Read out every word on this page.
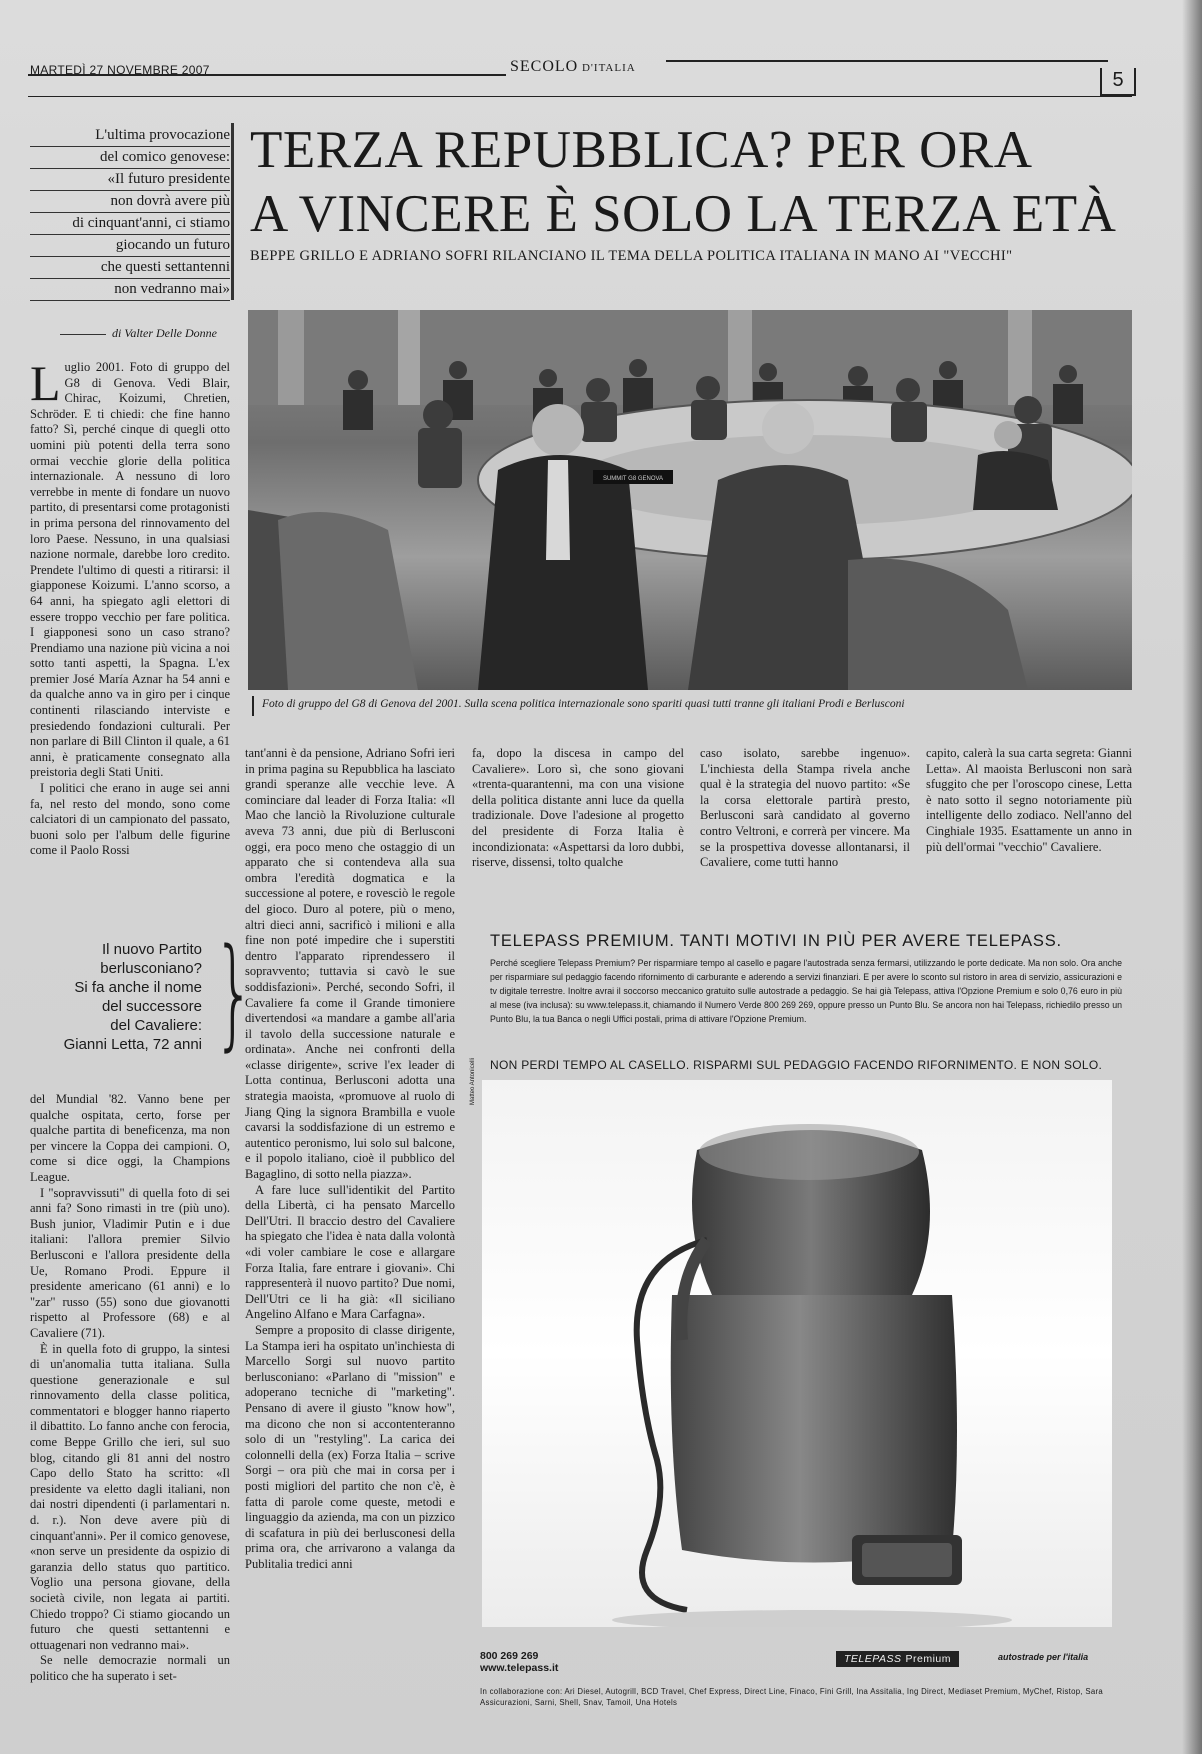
MARTEDÌ 27 NOVEMBRE 2007	SECOLO D'ITALIA
5
L'ultima provocazione
del comico genovese:
«Il futuro presidente
non dovrà avere più
di cinquant'anni, ci stiamo
giocando un futuro
che questi settantenni
non vedranno mai»
TERZA REPUBBLICA? PER ORA
A VINCERE È SOLO LA TERZA ETÀ
BEPPE GRILLO E ADRIANO SOFRI RILANCIANO IL TEMA DELLA POLITICA ITALIANA IN MANO AI "VECCHI"
di Valter Delle Donne
SUMMIT G8 GENOVA
Foto di gruppo del G8 di Genova del 2001. Sulla scena politica internazionale sono spariti quasi tutti tranne gli italiani Prodi e Berlusconi

Luglio 2001. Foto di gruppo del G8 di Genova. Vedi Blair, Chirac, Koizumi, Chretien, Schröder. E ti chiedi: che fine hanno fatto? Sì, perché cinque di quegli otto uomini più potenti della terra sono ormai vecchie glorie della politica internazionale. A nessuno di loro verrebbe in mente di fondare un nuovo partito, di presentarsi come protagonisti in prima persona del rinnovamento del loro Paese. Nessuno, in una qualsiasi nazione normale, darebbe loro credito. Prendete l'ultimo di questi a ritirarsi: il giapponese Koizumi. L'anno scorso, a 64 anni, ha spiegato agli elettori di essere troppo vecchio per fare politica. I giapponesi sono un caso strano? Prendiamo una nazione più vicina a noi sotto tanti aspetti, la Spagna. L'ex premier José María Aznar ha 54 anni e da qualche anno va in giro per i cinque continenti rilasciando interviste e presiedendo fondazioni culturali. Per non parlare di Bill Clinton il quale, a 61 anni, è praticamente consegnato alla preistoria degli Stati Uniti.

I politici che erano in auge sei anni fa, nel resto del mondo, sono come calciatori di un campionato del passato, buoni solo per l'album delle figurine come il Paolo Rossi

Il nuovo Partito
berlusconiano?
Si fa anche il nome
del successore
del Cavaliere:
Gianni Letta, 72 anni }

del Mundial '82. Vanno bene per qualche ospitata, certo, forse per qualche partita di beneficenza, ma non per vincere la Coppa dei campioni. O, come si dice oggi, la Champions League.

I "sopravvissuti" di quella foto di sei anni fa? Sono rimasti in tre (più uno). Bush junior, Vladimir Putin e i due italiani: l'allora premier Silvio Berlusconi e l'allora presidente della Ue, Romano Prodi. Eppure il presidente americano (61 anni) e lo "zar" russo (55) sono due giovanotti rispetto al Professore (68) e al Cavaliere (71).

È in quella foto di gruppo, la sintesi di un'anomalia tutta italiana. Sulla questione generazionale e sul rinnovamento della classe politica, commentatori e blogger hanno riaperto il dibattito. Lo fanno anche con ferocia, come Beppe Grillo che ieri, sul suo blog, citando gli 81 anni del nostro Capo dello Stato ha scritto: «Il presidente va eletto dagli italiani, non dai nostri dipendenti (i parlamentari n. d. r.). Non deve avere più di cinquant'anni». Per il comico genovese, «non serve un presidente da ospizio di garanzia dello status quo partitico. Voglio una persona giovane, della società civile, non legata ai partiti. Chiedo troppo? Ci stiamo giocando un futuro che questi settantenni e ottuagenari non vedranno mai».

Se nelle democrazie normali un politico che ha superato i set-

tant'anni è da pensione, Adriano Sofri ieri in prima pagina su Repubblica ha lasciato grandi speranze alle vecchie leve. A cominciare dal leader di Forza Italia: «Il Mao che lanciò la Rivoluzione culturale aveva 73 anni, due più di Berlusconi oggi, era poco meno che ostaggio di un apparato che si contendeva alla sua ombra l'eredità dogmatica e la successione al potere, e rovesciò le regole del gioco. Duro al potere, più o meno, altri dieci anni, sacrificò i milioni e alla fine non poté impedire che i superstiti dentro l'apparato riprendessero il sopravvento; tuttavia si cavò le sue soddisfazioni». Perché, secondo Sofri, il Cavaliere fa come il Grande timoniere divertendosi «a mandare a gambe all'aria il tavolo della successione naturale e ordinata». Anche nei confronti della «classe dirigente», scrive l'ex leader di Lotta continua, Berlusconi adotta una strategia maoista, «promuove al ruolo di Jiang Qing la signora Brambilla e vuole cavarsi la soddisfazione di un estremo e autentico peronismo, lui solo sul balcone, e il popolo italiano, cioè il pubblico del Bagaglino, di sotto nella piazza».

A fare luce sull'identikit del Partito della Libertà, ci ha pensato Marcello Dell'Utri. Il braccio destro del Cavaliere ha spiegato che l'idea è nata dalla volontà «di voler cambiare le cose e allargare Forza Italia, fare entrare i giovani». Chi rappresenterà il nuovo partito? Due nomi, Dell'Utri ce li ha già: «Il siciliano Angelino Alfano e Mara Carfagna».

Sempre a proposito di classe dirigente, La Stampa ieri ha ospitato un'inchiesta di Marcello Sorgi sul nuovo partito berlusconiano: «Parlano di "mission" e adoperano tecniche di "marketing". Pensano di avere il giusto "know how", ma dicono che non si accontenteranno solo di un "restyling". La carica dei colonnelli della (ex) Forza Italia – scrive Sorgi – ora più che mai in corsa per i posti migliori del partito che non c'è, è fatta di parole come queste, metodi e linguaggio da azienda, ma con un pizzico di scafatura in più dei berlusconesi della prima ora, che arrivarono a valanga da Publitalia tredici anni

fa, dopo la discesa in campo del Cavaliere». Loro sì, che sono giovani «trenta-quarantenni, ma con una visione della politica distante anni luce da quella tradizionale. Dove l'adesione al progetto del presidente di Forza Italia è incondizionata: «Aspettarsi da loro dubbi, riserve, dissensi, tolto qualche

caso isolato, sarebbe ingenuo». L'inchiesta della Stampa rivela anche qual è la strategia del nuovo partito: «Se la corsa elettorale partirà presto, Berlusconi sarà candidato al governo contro Veltroni, e correrà per vincere. Ma se la prospettiva dovesse allontanarsi, il Cavaliere, come tutti hanno

capito, calerà la sua carta segreta: Gianni Letta». Al maoista Berlusconi non sarà sfuggito che per l'oroscopo cinese, Letta è nato sotto il segno notoriamente più intelligente dello zodiaco. Nell'anno del Cinghiale 1935. Esattamente un anno in più dell'ormai "vecchio" Cavaliere.

TELEPASS PREMIUM. TANTI MOTIVI IN PIÙ PER AVERE TELEPASS.
Perché scegliere Telepass Premium? Per risparmiare tempo al casello e pagare l'autostrada senza fermarsi, utilizzando le porte dedicate. Ma non solo. Ora anche per risparmiare sul pedaggio facendo rifornimento di carburante e aderendo a servizi finanziari. E per avere lo sconto sul ristoro in area di servizio, assicurazioni e tv digitale terrestre. Inoltre avrai il soccorso meccanico gratuito sulle autostrade a pedaggio. Se hai già Telepass, attiva l'Opzione Premium e solo 0,76 euro in più al mese (iva inclusa): su www.telepass.it, chiamando il Numero Verde 800 269 269, oppure presso un Punto Blu. Se ancora non hai Telepass, richiedilo presso un Punto Blu, la tua Banca o negli Uffici postali, prima di attivare l'Opzione Premium.
NON PERDI TEMPO AL CASELLO. RISPARMI SUL PEDAGGIO FACENDO RIFORNIMENTO. E NON SOLO.
Matteo Antonicelli
800 269 269
www.telepass.it
TELEPASS Premium	autostrade per l'italia
In collaborazione con: Ari Diesel, Autogrill, BCD Travel, Chef Express, Direct Line, Finaco, Fini Grill, Ina Assitalia, Ing Direct, Mediaset Premium, MyChef, Ristop, Sara Assicurazioni, Sarni, Shell, Snav, Tamoil, Una Hotels
